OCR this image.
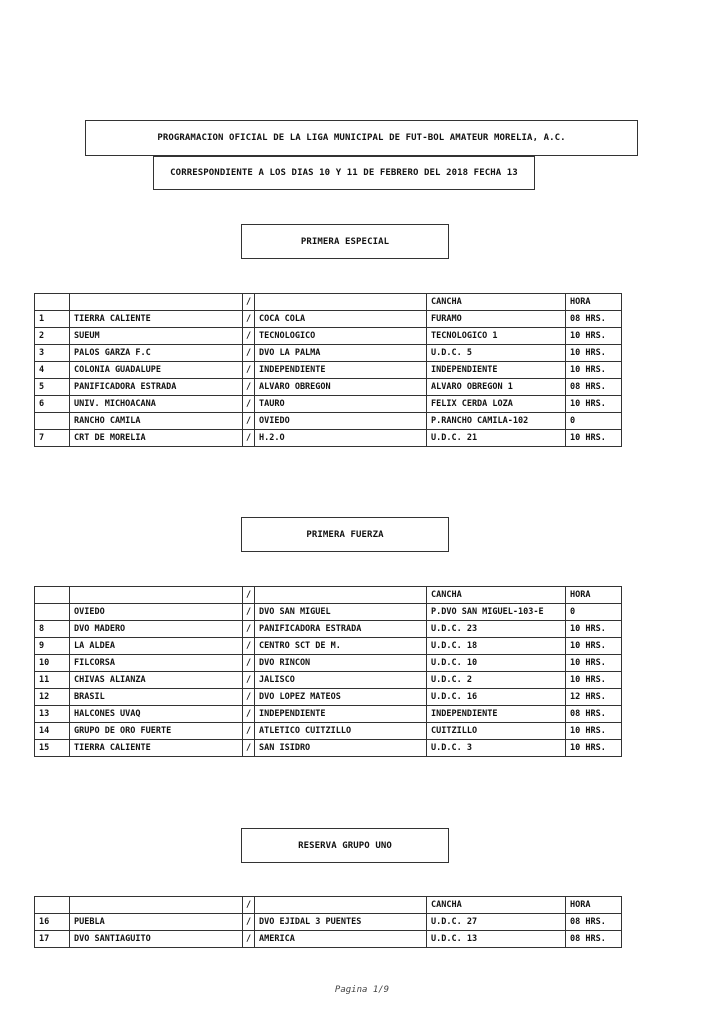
PROGRAMACION OFICIAL DE LA LIGA MUNICIPAL DE FUT-BOL AMATEUR MORELIA, A.C.
CORRESPONDIENTE A LOS DIAS 10 Y 11 DE FEBRERO DEL 2018 FECHA 13
PRIMERA ESPECIAL
		/		CANCHA	HORA
1	TIERRA CALIENTE	/	COCA COLA	FURAMO	08 HRS.
2	SUEUM	/	TECNOLOGICO	TECNOLOGICO 1	10 HRS.
3	PALOS GARZA F.C	/	DVO LA PALMA	U.D.C. 5	10 HRS.
4	COLONIA GUADALUPE	/	INDEPENDIENTE	INDEPENDIENTE	10 HRS.
5	PANIFICADORA ESTRADA	/	ALVARO OBREGON	ALVARO OBREGON 1	08 HRS.
6	UNIV. MICHOACANA	/	TAURO	FELIX CERDA LOZA	10 HRS.
	RANCHO CAMILA	/	OVIEDO	P.RANCHO CAMILA-102	0
7	CRT DE MORELIA	/	H.2.O	U.D.C. 21	10 HRS.
PRIMERA FUERZA
		/		CANCHA	HORA
	OVIEDO	/	DVO SAN MIGUEL	P.DVO SAN MIGUEL-103-E	0
8	DVO MADERO	/	PANIFICADORA ESTRADA	U.D.C. 23	10 HRS.
9	LA ALDEA	/	CENTRO SCT DE M.	U.D.C. 18	10 HRS.
10	FILCORSA	/	DVO RINCON	U.D.C. 10	10 HRS.
11	CHIVAS ALIANZA	/	JALISCO	U.D.C. 2	10 HRS.
12	BRASIL	/	DVO LOPEZ MATEOS	U.D.C. 16	12 HRS.
13	HALCONES UVAQ	/	INDEPENDIENTE	INDEPENDIENTE	08 HRS.
14	GRUPO DE ORO FUERTE	/	ATLETICO CUITZILLO	CUITZILLO	10 HRS.
15	TIERRA CALIENTE	/	SAN ISIDRO	U.D.C. 3	10 HRS.
RESERVA GRUPO UNO
		/		CANCHA	HORA
16	PUEBLA	/	DVO EJIDAL 3 PUENTES	U.D.C. 27	08 HRS.
17	DVO SANTIAGUITO	/	AMERICA	U.D.C. 13	08 HRS.
Pagina 1/9
